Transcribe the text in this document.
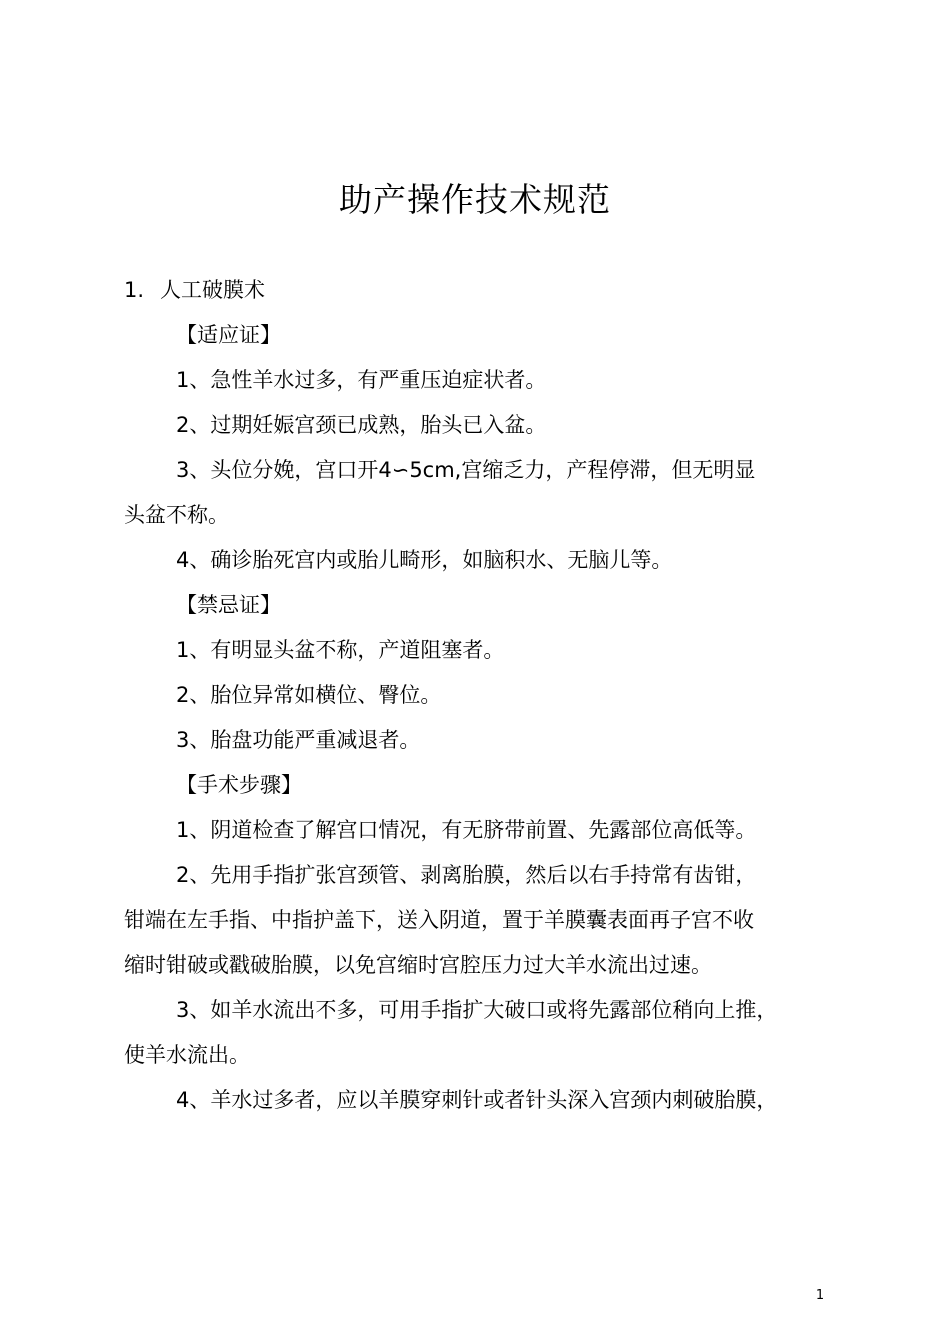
助产操作技术规范
1. 人工破膜术
【适应证】
1、急性羊水过多，有严重压迫症状者。
2、过期妊娠宫颈已成熟，胎头已入盆。
3、头位分娩，宫口开4∽5cm,宫缩乏力，产程停滞，但无明显
头盆不称。
4、确诊胎死宫内或胎儿畸形，如脑积水、无脑儿等。
【禁忌证】
1、有明显头盆不称，产道阻塞者。
2、胎位异常如横位、臀位。
3、胎盘功能严重减退者。
【手术步骤】
1、阴道检查了解宫口情况，有无脐带前置、先露部位高低等。
2、先用手指扩张宫颈管、剥离胎膜，然后以右手持常有齿钳，
钳端在左手指、中指护盖下，送入阴道，置于羊膜囊表面再子宫不收
缩时钳破或戳破胎膜，以免宫缩时宫腔压力过大羊水流出过速。
3、如羊水流出不多，可用手指扩大破口或将先露部位稍向上推，
使羊水流出。
4、羊水过多者，应以羊膜穿刺针或者针头深入宫颈内刺破胎膜，
1
